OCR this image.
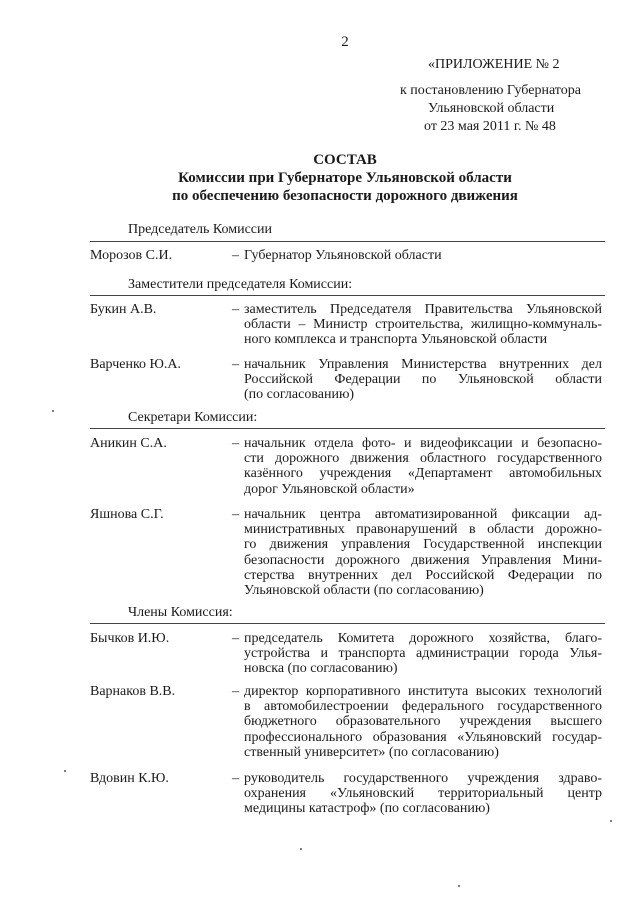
2
«ПРИЛОЖЕНИЕ № 2
к постановлению Губернатора
Ульяновской области
от 23 мая 2011 г. № 48
СОСТАВ
Комиссии при Губернаторе Ульяновской области
по обеспечению безопасности дорожного движения
Председатель Комиссии
Морозов С.И.	– Губернатор Ульяновской области
Заместители председателя Комиссии:
Букин А.В.	– заместитель Председателя Правительства Ульяновской
области – Министр строительства, жилищно-коммуналь-
ного комплекса и транспорта Ульяновской области
Варченко Ю.А.	– начальник Управления Министерства внутренних дел
Российской Федерации по Ульяновской области
(по согласованию)
Секретари Комиссии:
Аникин С.А.	– начальник отдела фото- и видеофиксации и безопасно-
сти дорожного движения областного государственного
казённого учреждения «Департамент автомобильных
дорог Ульяновской области»
Яшнова С.Г.	– начальник центра автоматизированной фиксации ад-
министративных правонарушений в области дорожно-
го движения управления Государственной инспекции
безопасности дорожного движения Управления Мини-
стерства внутренних дел Российской Федерации по
Ульяновской области (по согласованию)
Члены Комиссия:
Бычков И.Ю.	– председатель Комитета дорожного хозяйства, благо-
устройства и транспорта администрации города Улья-
новска (по согласованию)
Варнаков В.В.	– директор корпоративного института высоких технологий
в автомобилестроении федерального государственного
бюджетного образовательного учреждения высшего
профессионального образования «Ульяновский государ-
ственный университет» (по согласованию)
Вдовин К.Ю.	– руководитель государственного учреждения здраво-
охранения «Ульяновский территориальный центр
медицины катастроф» (по согласованию)
